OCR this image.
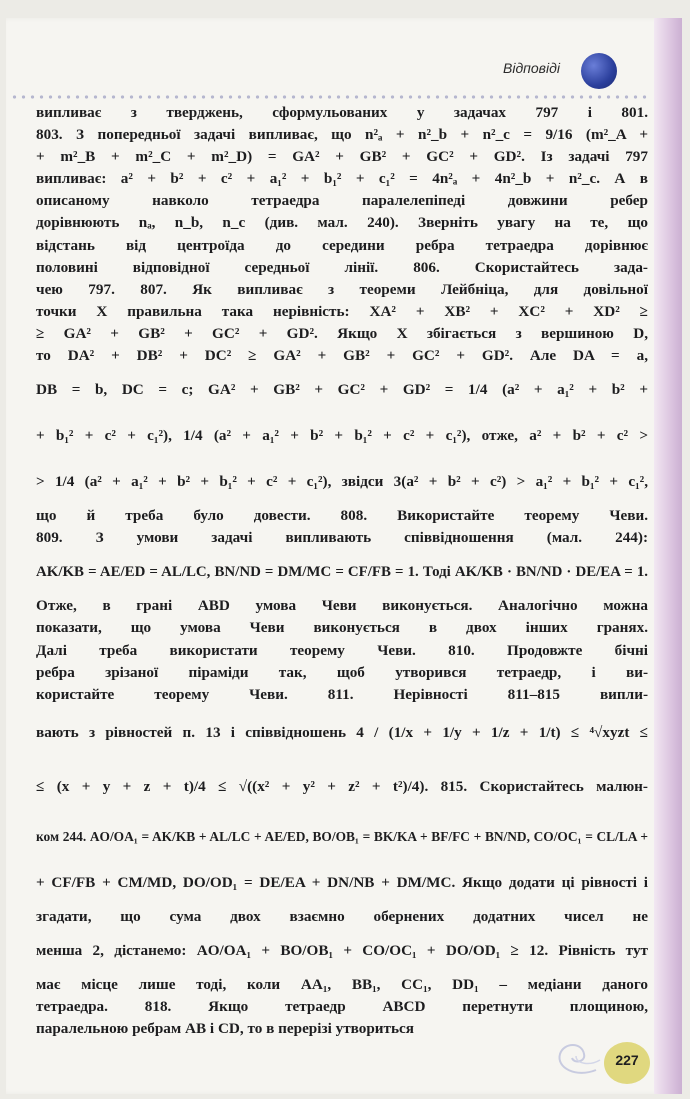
Відповіді
випливає з тверджень, сформульованих у задачах 797 і 801.
803. З попередньої задачі випливає, що n²ₐ + n²_b + n²_c = 9/16 (m²_A +
+ m²_B + m²_C + m²_D) = GA² + GB² + GC² + GD². Із задачі 797
випливає: a² + b² + c² + a₁² + b₁² + c₁² = 4n²ₐ + 4n²_b + n²_c. А в
описаному навколо тетраедра паралелепіпеді довжини ребер
дорівнюють nₐ, n_b, n_c (див. мал. 240). Зверніть увагу на те, що
відстань від центроїда до середини ребра тетраедра дорівнює
половині відповідної середньої лінії. 806. Скористайтесь зада-
чею 797. 807. Як випливає з теореми Лейбніца, для довільної
точки X правильна така нерівність: XA² + XB² + XC² + XD² ≥
≥ GA² + GB² + GC² + GD². Якщо X збігається з вершиною D,
то DA² + DB² + DC² ≥ GA² + GB² + GC² + GD². Але DA = a,
DB = b, DC = c; GA² + GB² + GC² + GD² = 1/4 (a² + a₁² + b² +
+ b₁² + c² + c₁²), 1/4 (a² + a₁² + b² + b₁² + c² + c₁²), отже, a² + b² + c² >
> 1/4 (a² + a₁² + b² + b₁² + c² + c₁²), звідси 3(a² + b² + c²) > a₁² + b₁² + c₁²,
що й треба було довести. 808. Використайте теорему Чеви.
809. З умови задачі випливають співвідношення (мал. 244):
AK/KB = AE/ED = AL/LC, BN/ND = DM/MC = CF/FB = 1. Тоді AK/KB · BN/ND · DE/EA = 1.
Отже, в грані ABD умова Чеви виконується. Аналогічно можна
показати, що умова Чеви виконується в двох інших гранях.
Далі треба використати теорему Чеви. 810. Продовжте бічні
ребра зрізаної піраміди так, щоб утворився тетраедр, і ви-
користайте теорему Чеви. 811. Нерівності 811–815 випли-
вають з рівностей п. 13 і співвідношень 4 / (1/x + 1/y + 1/z + 1/t) ≤ ⁴√xyzt ≤
≤ (x + y + z + t)/4 ≤ √((x² + y² + z² + t²)/4). 815. Скористайтесь малюн-
ком 244. AO/OA₁ = AK/KB + AL/LC + AE/ED, BO/OB₁ = BK/KA + BF/FC + BN/ND, CO/OC₁ = CL/LA +
+ CF/FB + CM/MD, DO/OD₁ = DE/EA + DN/NB + DM/MC. Якщо додати ці рівності і
згадати, що сума двох взаємно обернених додатних чисел не
менша 2, дістанемо: AO/OA₁ + BO/OB₁ + CO/OC₁ + DO/OD₁ ≥ 12. Рівність тут
має місце лише тоді, коли AA₁, BB₁, CC₁, DD₁ – медіани даного
тетраедра. 818. Якщо тетраедр ABCD перетнути площиною,
паралельною ребрам AB і CD, то в перерізі утвориться
227
